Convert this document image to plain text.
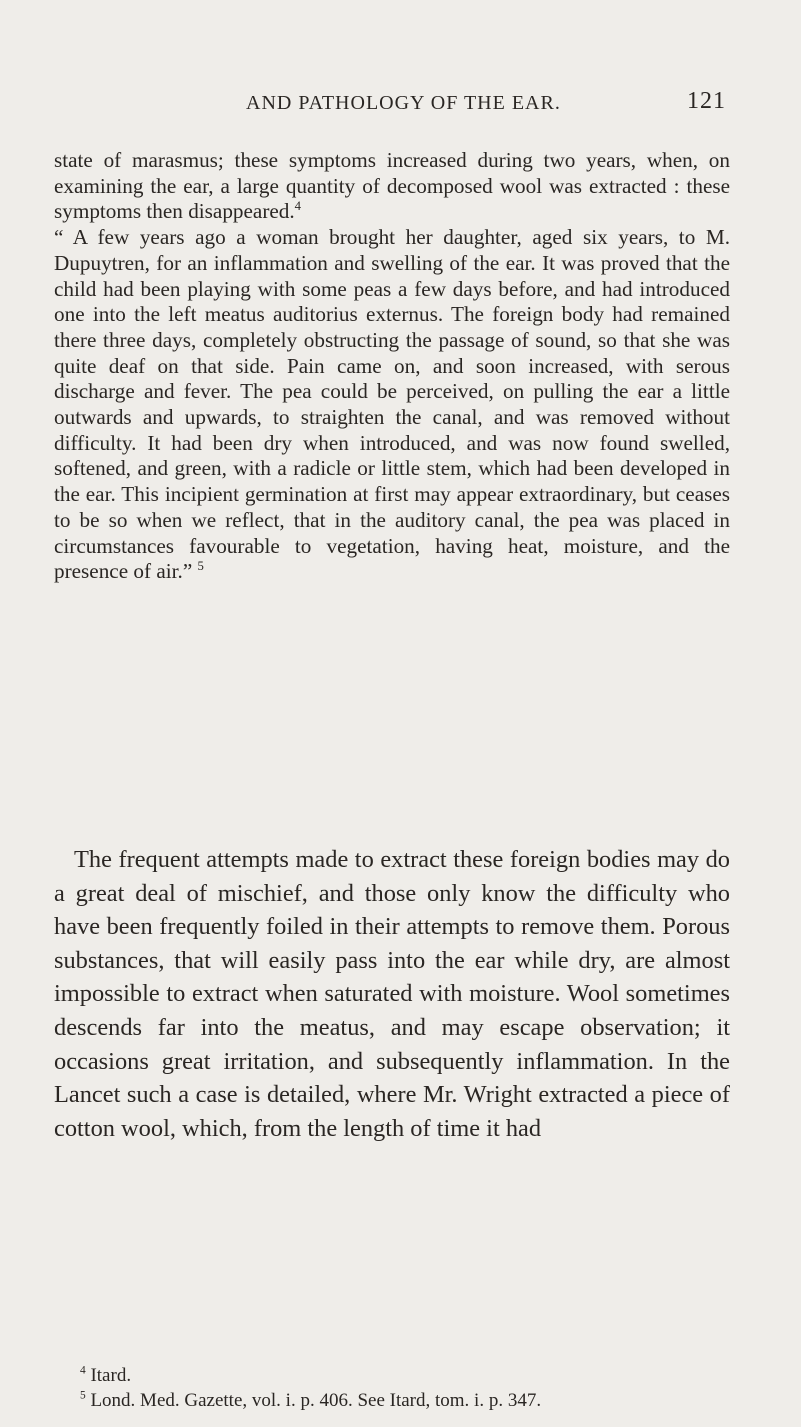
AND PATHOLOGY OF THE EAR.	121

state of marasmus; these symptoms increased during two years, when, on examining the ear, a large quantity of decomposed wool was extracted : these symptoms then disappeared.$^4$

“ A few years ago a woman brought her daughter, aged six years, to M. Dupuytren, for an inflammation and swelling of the ear. It was proved that the child had been playing with some peas a few days before, and had introduced one into the left meatus auditorius externus. The foreign body had remained there three days, completely obstructing the passage of sound, so that she was quite deaf on that side. Pain came on, and soon increased, with serous discharge and fever. The pea could be perceived, on pulling the ear a little outwards and upwards, to straighten the canal, and was removed without difficulty. It had been dry when introduced, and was now found swelled, softened, and green, with a radicle or little stem, which had been developed in the ear. This incipient germination at first may appear extraordinary, but ceases to be so when we reflect, that in the auditory canal, the pea was placed in circumstances favourable to vegetation, having heat, moisture, and the presence of air.” $^5$

The frequent attempts made to extract these foreign bodies may do a great deal of mischief, and those only know the difficulty who have been frequently foiled in their attempts to remove them. Porous substances, that will easily pass into the ear while dry, are almost impossible to extract when saturated with moisture. Wool sometimes descends far into the meatus, and may escape observation; it occasions great irritation, and subsequently inflammation. In the Lancet such a case is detailed, where Mr. Wright extracted a piece of cotton wool, which, from the length of time it had

$^4$ Itard.
$^5$ Lond. Med. Gazette, vol. i. p. 406. See Itard, tom. i. p. 347.
